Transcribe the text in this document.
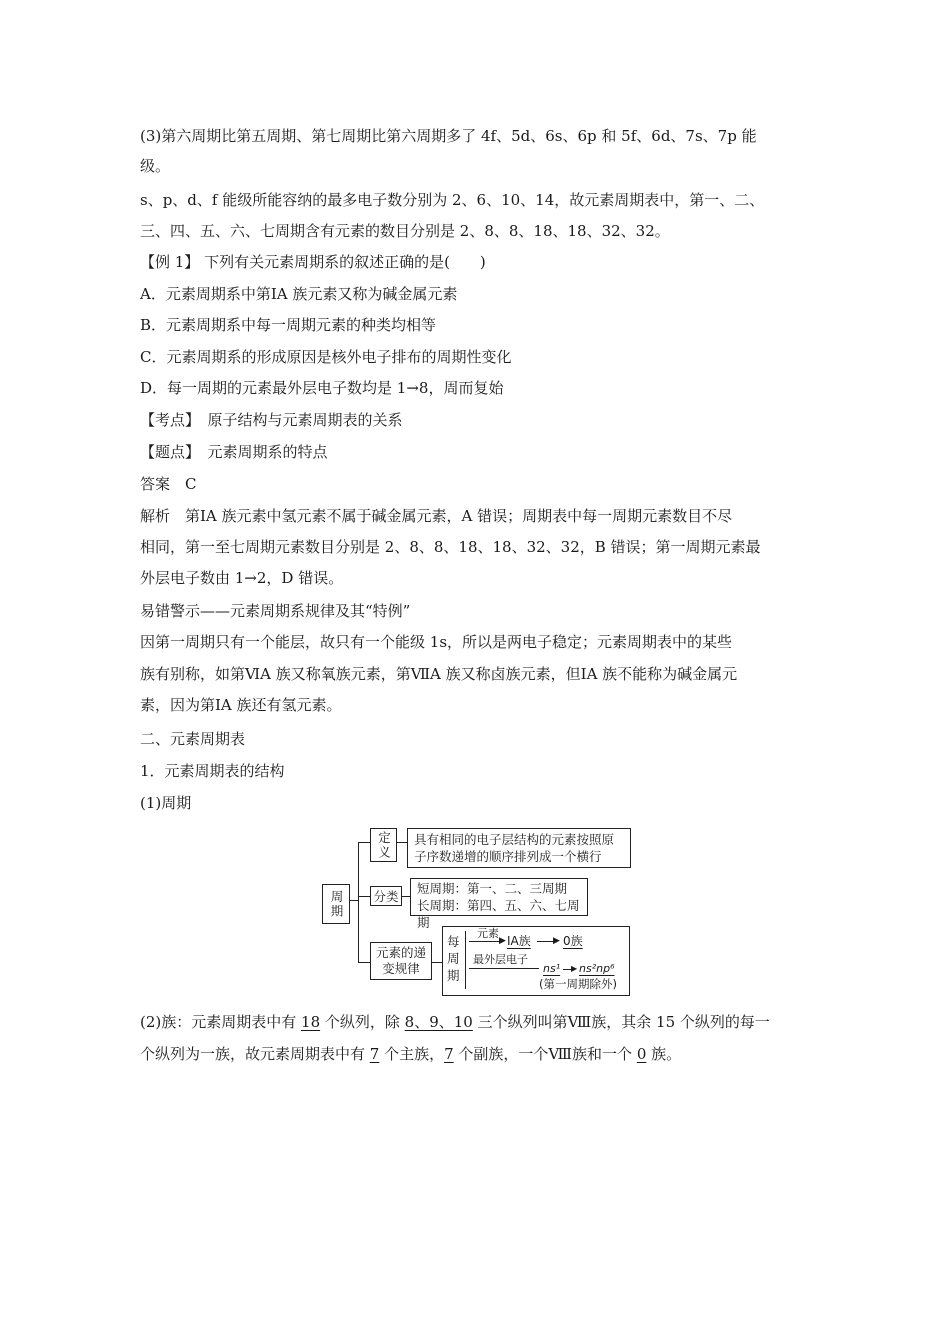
(3)第六周期比第五周期、第七周期比第六周期多了 4f、5d、6s、6p 和 5f、6d、7s、7p 能
级。
s、p、d、f 能级所能容纳的最多电子数分别为 2、6、10、14，故元素周期表中，第一、二、
三、四、五、六、七周期含有元素的数目分别是 2、8、8、18、18、32、32。
【例 1】 下列有关元素周期系的叙述正确的是(　　)
A．元素周期系中第ⅠA 族元素又称为碱金属元素
B．元素周期系中每一周期元素的种类均相等
C．元素周期系的形成原因是核外电子排布的周期性变化
D．每一周期的元素最外层电子数均是 1→8，周而复始
【考点】　原子结构与元素周期表的关系
【题点】　元素周期系的特点
答案　C
解析　第ⅠA 族元素中氢元素不属于碱金属元素，A 错误；周期表中每一周期元素数目不尽
相同，第一至七周期元素数目分别是 2、8、8、18、18、32、32，B 错误；第一周期元素最
外层电子数由 1→2，D 错误。
易错警示——元素周期系规律及其“特例”
因第一周期只有一个能层，故只有一个能级 1s，所以是两电子稳定；元素周期表中的某些
族有别称，如第ⅥA 族又称氧族元素，第ⅦA 族又称卤族元素，但ⅠA 族不能称为碱金属元
素，因为第ⅠA 族还有氢元素。
二、元素周期表
1．元素周期表的结构
(1)周期
周期
定义 具有相同的电子层结构的元素按照原
子序数递增的顺序排列成一个横行
分类 短周期：第一、二、三周期
长周期：第四、五、六、七周期
元素的递变规律
每周期
元素
▶ IA族 ▶ 0族
最外层电子
ns¹ ▶ ns²np⁶
(第一周期除外)
(2)族：元素周期表中有 18 个纵列，除 8、9、10 三个纵列叫第Ⅷ族，其余 15 个纵列的每一
个纵列为一族，故元素周期表中有 7 个主族，7 个副族，一个Ⅷ族和一个 0 族。
